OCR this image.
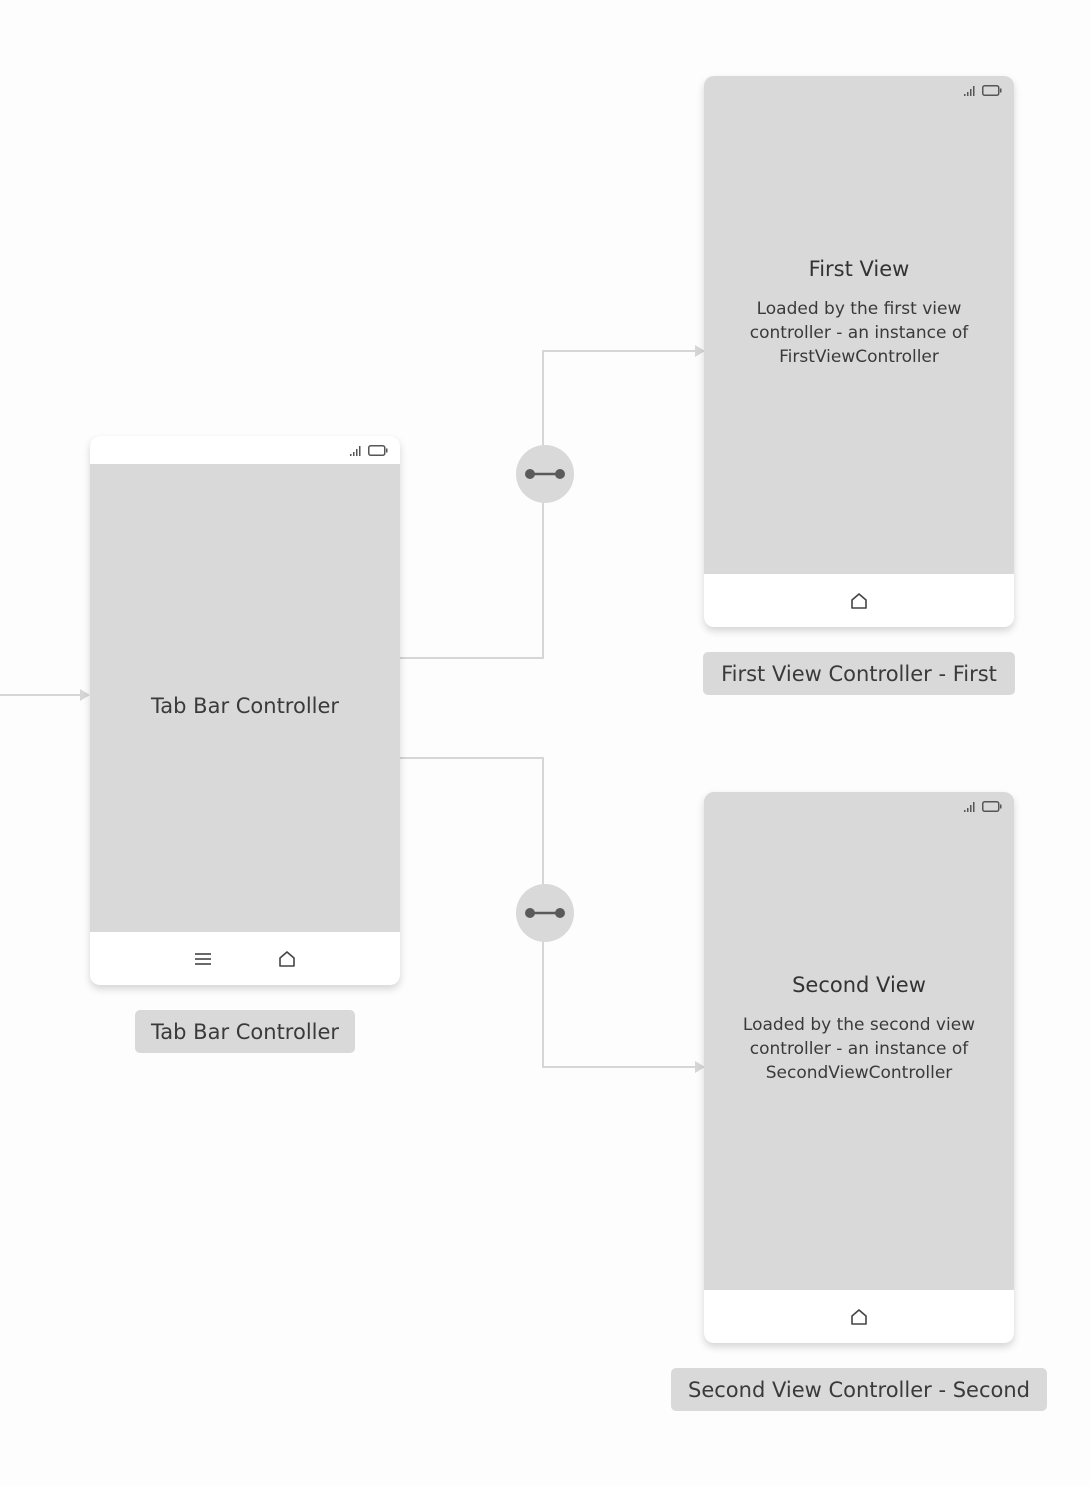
Tab Bar Controller
Tab Bar Controller
First View
Loaded by the first view controller - an instance of FirstViewController
First View Controller - First
Second View
Loaded by the second view controller - an instance of SecondViewController
Second View Controller - Second
